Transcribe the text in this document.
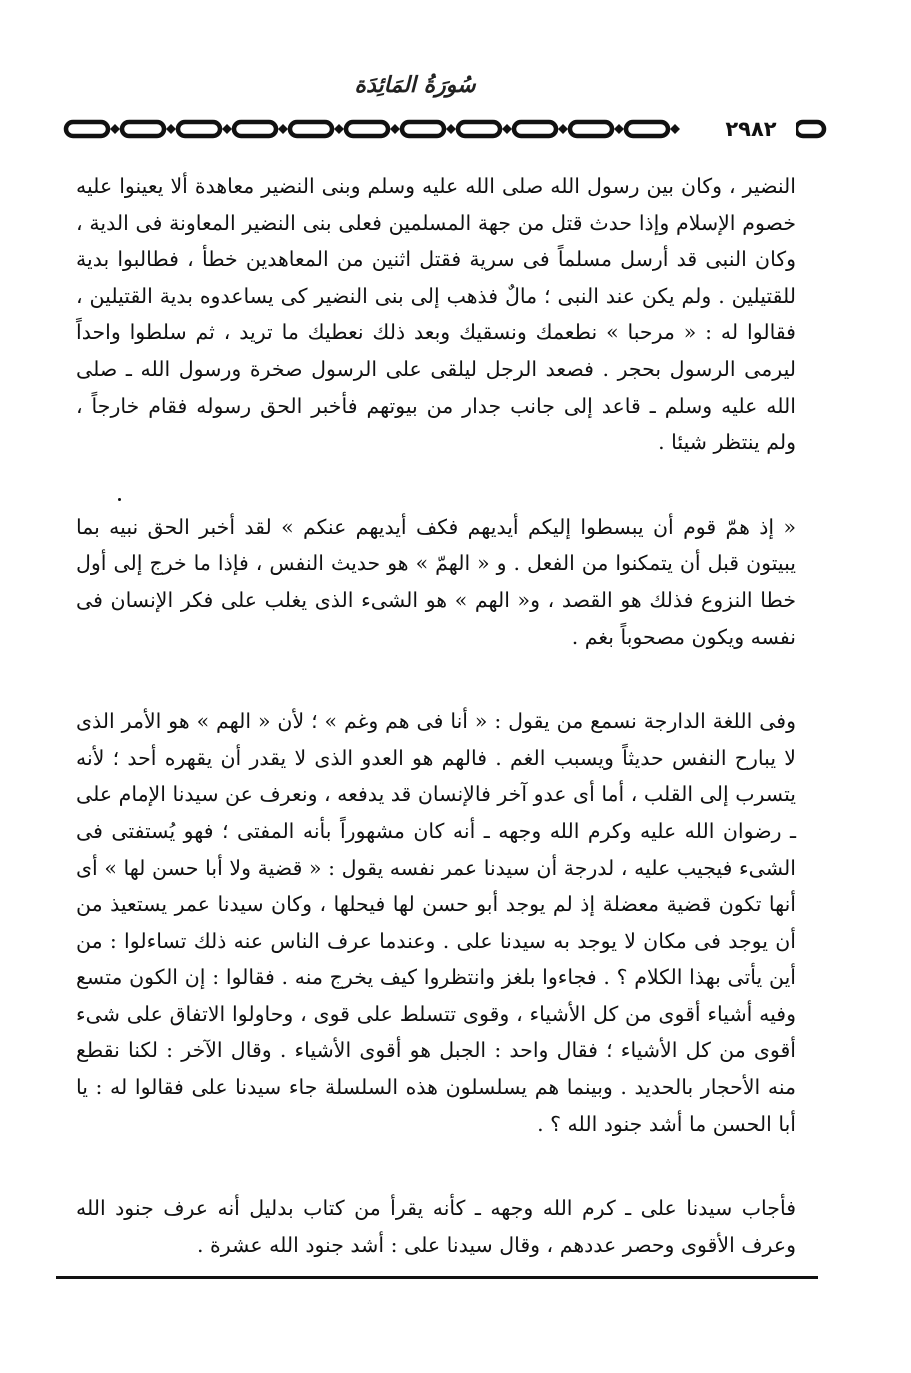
سُورَةُ المَائِدَة
٢٩٨٢

النضير ، وكان بين رسول الله صلى الله عليه وسلم وبنى النضير معاهدة ألا يعينوا عليه خصوم الإسلام وإذا حدث قتل من جهة المسلمين فعلى بنى النضير المعاونة فى الدية ، وكان النبى قد أرسل مسلماً فى سرية فقتل اثنين من المعاهدين خطأ ، فطالبوا بدية للقتيلين . ولم يكن عند النبى ؛ مالٌ فذهب إلى بنى النضير كى يساعدوه بدية القتيلين ، فقالوا له : « مرحبا » نطعمك ونسقيك وبعد ذلك نعطيك ما تريد ، ثم سلطوا واحداً ليرمى الرسول بحجر . فصعد الرجل ليلقى على الرسول صخرة ورسول الله ـ صلى الله عليه وسلم ـ قاعد إلى جانب جدار من بيوتهم فأخبر الحق رسوله فقام خارجاً ، ولم ينتظر شيئا .

« إذ همّ قوم أن يبسطوا إليكم أيديهم فكف أيديهم عنكم » لقد أخبر الحق نبيه بما يبيتون قبل أن يتمكنوا من الفعل . و « الهمّ » هو حديث النفس ، فإذا ما خرج إلى أول خطا النزوع فذلك هو القصد ، و« الهم » هو الشىء الذى يغلب على فكر الإنسان فى نفسه ويكون مصحوباً بغم .

وفى اللغة الدارجة نسمع من يقول : « أنا فى هم وغم » ؛ لأن « الهم » هو الأمر الذى لا يبارح النفس حديثاً ويسبب الغم . فالهم هو العدو الذى لا يقدر أن يقهره أحد ؛ لأنه يتسرب إلى القلب ، أما أى عدو آخر فالإنسان قد يدفعه ، ونعرف عن سيدنا الإمام على ـ رضوان الله عليه وكرم الله وجهه ـ أنه كان مشهوراً بأنه المفتى ؛ فهو يُستفتى فى الشىء فيجيب عليه ، لدرجة أن سيدنا عمر نفسه يقول : « قضية ولا أبا حسن لها » أى أنها تكون قضية معضلة إذ لم يوجد أبو حسن لها فيحلها ، وكان سيدنا عمر يستعيذ من أن يوجد فى مكان لا يوجد به سيدنا على . وعندما عرف الناس عنه ذلك تساءلوا : من أين يأتى بهذا الكلام ؟ . فجاءوا بلغز وانتظروا كيف يخرج منه . فقالوا : إن الكون متسع وفيه أشياء أقوى من كل الأشياء ، وقوى تتسلط على قوى ، وحاولوا الاتفاق على شىء أقوى من كل الأشياء ؛ فقال واحد : الجبل هو أقوى الأشياء . وقال الآخر : لكنا نقطع منه الأحجار بالحديد . وبينما هم يسلسلون هذه السلسلة جاء سيدنا على فقالوا له : يا أبا الحسن ما أشد جنود الله ؟ .

فأجاب سيدنا على ـ كرم الله وجهه ـ كأنه يقرأ من كتاب بدليل أنه عرف جنود الله وعرف الأقوى وحصر عددهم ، وقال سيدنا على : أشد جنود الله عشرة .
